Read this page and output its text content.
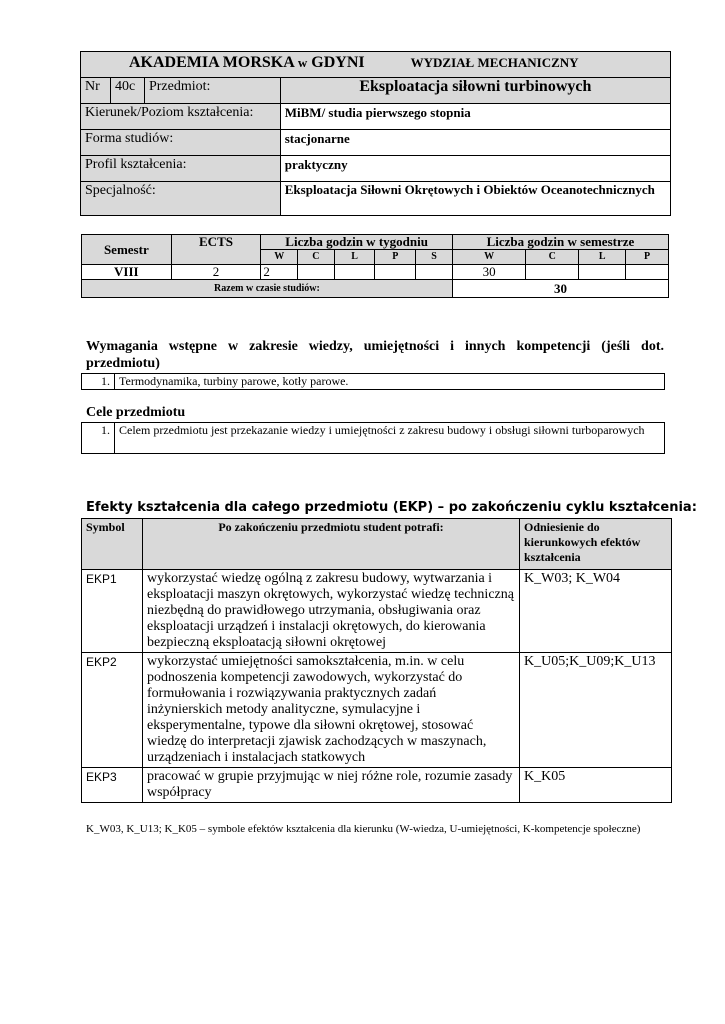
AKADEMIA MORSKA w GDYNI WYDZIAŁ MECHANICZNY			
Nr	40c	Przedmiot:	Eksploatacja siłowni turbinowych
Kierunek/Poziom kształcenia:			MiBM/ studia pierwszego stopnia
Forma studiów:			stacjonarne
Profil kształcenia:			praktyczny
Specjalność:			Eksploatacja Siłowni Okrętowych i Obiektów Oceanotechnicznych
Semestr	ECTS	Liczba godzin w tygodniu					Liczba godzin w semestrze			
		W	C	L	P	S	W	C	L	P
VIII	2	2					30			
Razem w czasie studiów:							30			
Wymagania wstępne w zakresie wiedzy, umiejętności i innych kompetencji (jeśli dot. przedmiotu)
1.	Termodynamika, turbiny parowe, kotły parowe.
Cele przedmiotu
1.	Celem przedmiotu jest przekazanie wiedzy i umiejętności z zakresu budowy i obsługi siłowni turboparowych
Efekty kształcenia dla całego przedmiotu (EKP) – po zakończeniu cyklu kształcenia:
Symbol	Po zakończeniu przedmiotu student potrafi:	Odniesienie do kierunkowych efektów kształcenia
EKP1	wykorzystać wiedzę ogólną z zakresu budowy, wytwarzania i eksploatacji maszyn okrętowych, wykorzystać wiedzę techniczną niezbędną do prawidłowego utrzymania, obsługiwania oraz eksploatacji urządzeń i instalacji okrętowych, do kierowania bezpieczną eksploatacją siłowni okrętowej	K_W03; K_W04
EKP2	wykorzystać umiejętności samokształcenia, m.in. w celu podnoszenia kompetencji zawodowych, wykorzystać do formułowania i rozwiązywania praktycznych zadań inżynierskich metody analityczne, symulacyjne i eksperymentalne, typowe dla siłowni okrętowej, stosować wiedzę do interpretacji zjawisk zachodzących w maszynach, urządzeniach i instalacjach statkowych	K_U05;K_U09;K_U13
EKP3	pracować w grupie przyjmując w niej różne role, rozumie zasady współpracy	K_K05
K_W03, K_U13; K_K05 – symbole efektów kształcenia dla kierunku (W-wiedza, U-umiejętności, K-kompetencje społeczne)
